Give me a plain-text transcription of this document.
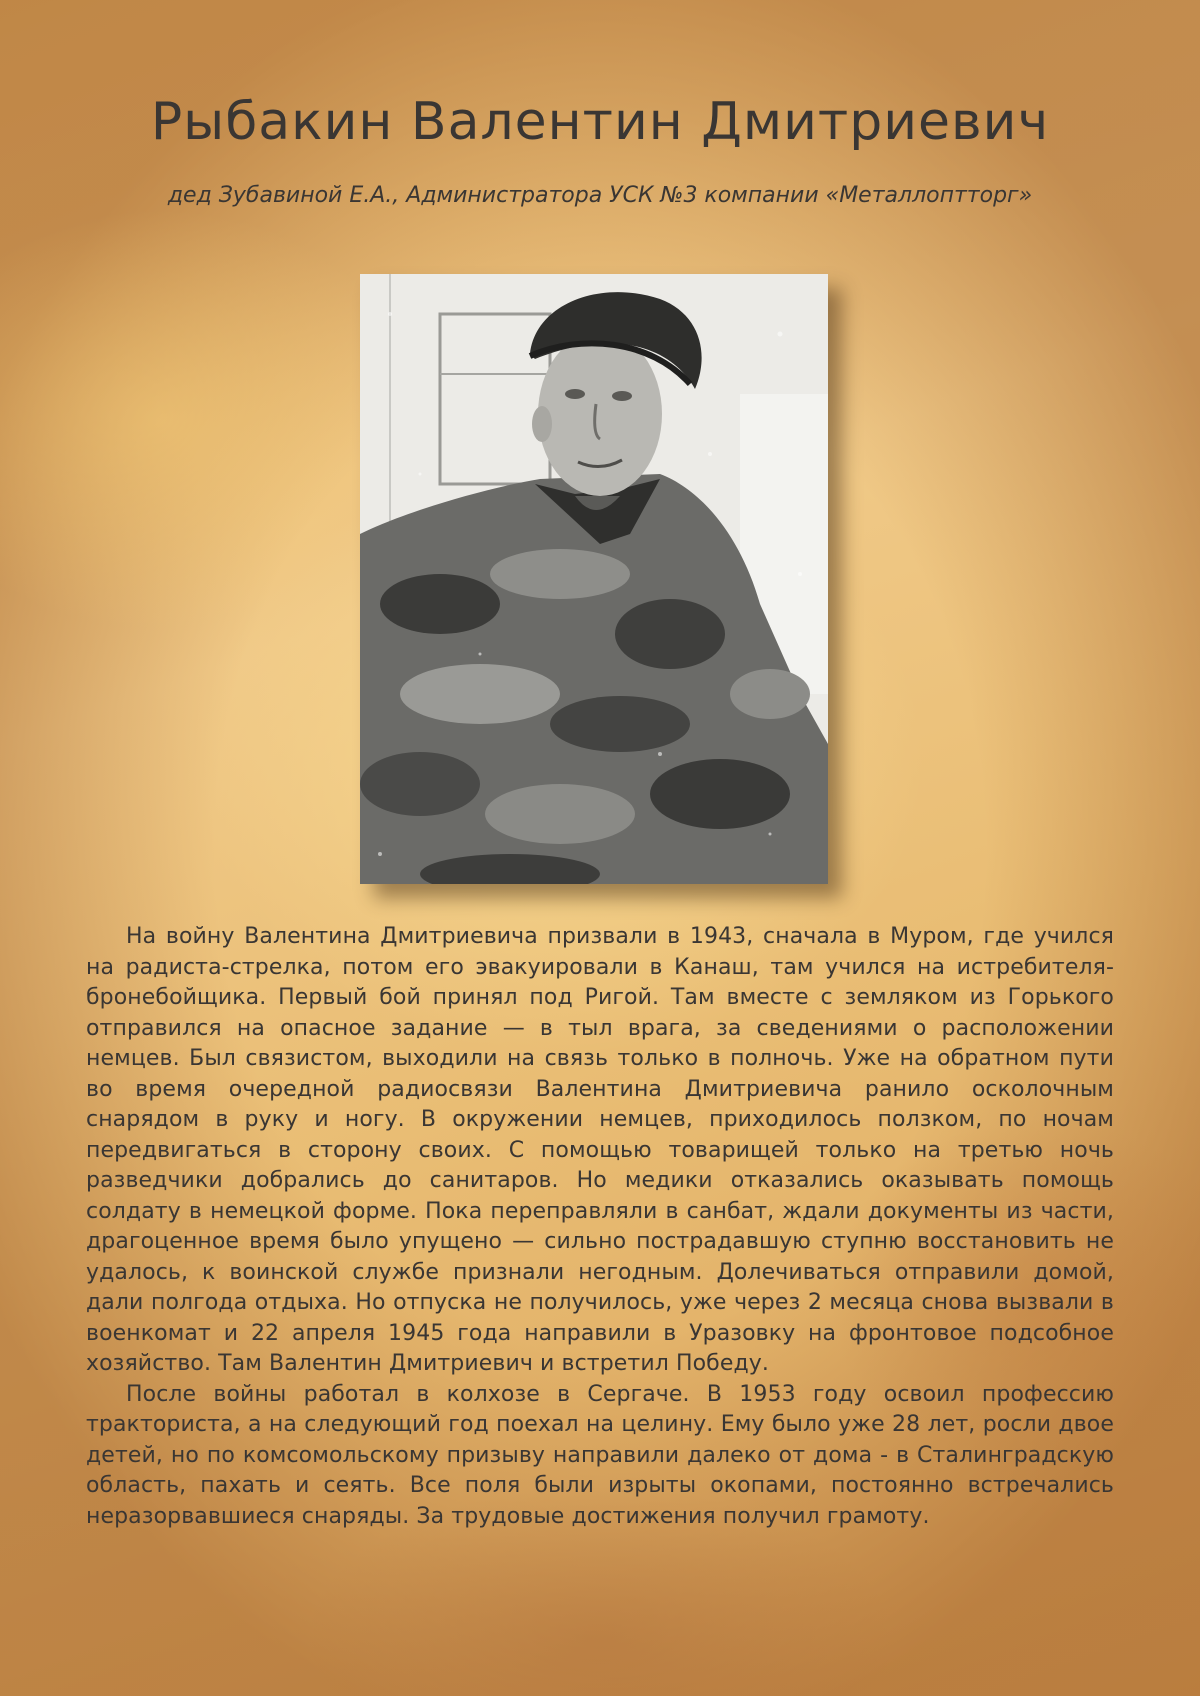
Рыбакин Валентин Дмитриевич

дед Зубавиной Е.А., Администратора УСК №3 компании «Металлоптторг»

На войну Валентина Дмитриевича призвали в 1943, сначала в Муром, где учился на радиста-стрелка, потом его эвакуировали в Канаш, там учился на истребителя-бронебойщика. Первый бой принял под Ригой. Там вместе с земляком из Горького отправился на опасное задание — в тыл врага, за сведениями о расположении немцев. Был связистом, выходили на связь только в полночь. Уже на обратном пути во время очередной радиосвязи Валентина Дмитриевича ранило осколочным снарядом в руку и ногу. В окружении немцев, приходилось ползком, по ночам передвигаться в сторону своих. С помощью товарищей только на третью ночь разведчики добрались до санитаров. Но медики отказались оказывать помощь солдату в немецкой форме. Пока переправляли в санбат, ждали документы из части, драгоценное время было упущено — сильно пострадавшую ступню восстановить не удалось, к воинской службе признали негодным. Долечиваться отправили домой, дали полгода отдыха. Но отпуска не получилось, уже через 2 месяца снова вызвали в военкомат и 22 апреля 1945 года направили в Уразовку на фронтовое подсобное хозяйство. Там Валентин Дмитриевич и встретил Победу.

После войны работал в колхозе в Сергаче. В 1953 году освоил профессию тракториста, а на следующий год поехал на целину. Ему было уже 28 лет, росли двое детей, но по комсомольскому призыву направили далеко от дома - в Сталинградскую область, пахать и сеять. Все поля были изрыты окопами, постоянно встречались неразорвавшиеся снаряды. За трудовые достижения получил грамоту.
